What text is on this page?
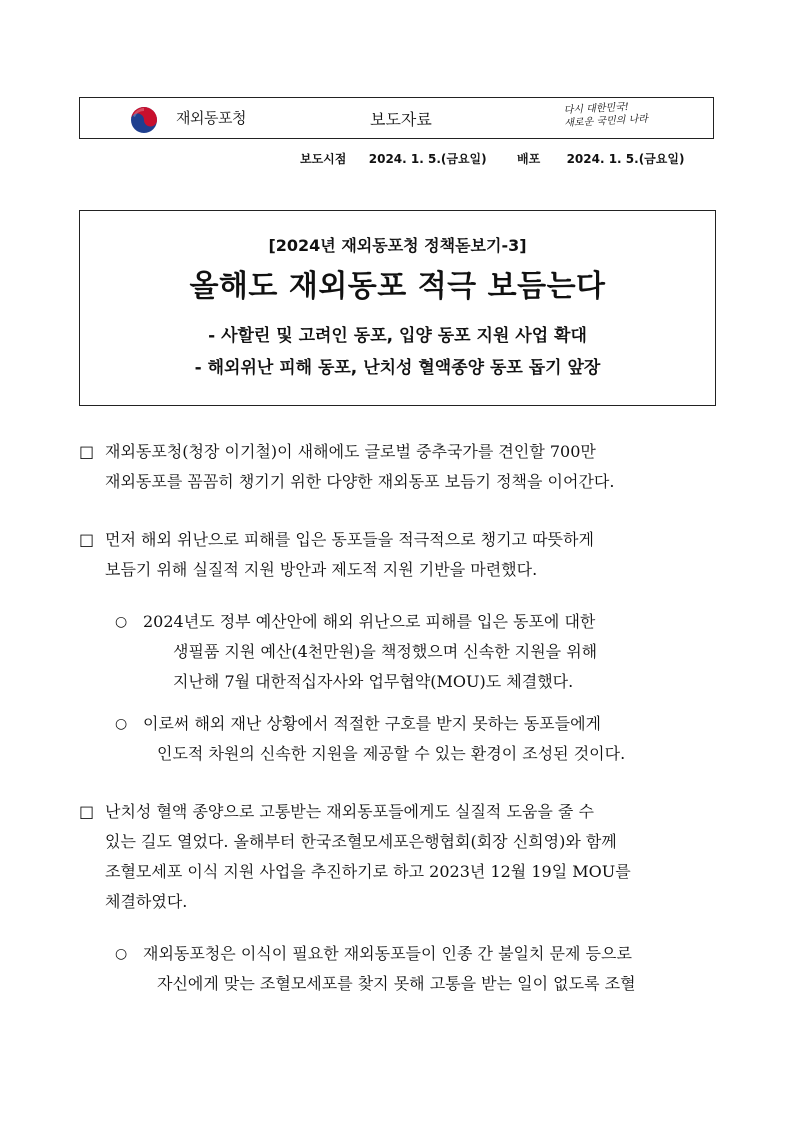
재외동포청	보도자료
다시 대한민국!
새로운 국민의 나라
보도시점 2024. 1. 5.(금요일)	배포 2024. 1. 5.(금요일)
[2024년 재외동포청 정책돋보기-3]
올해도 재외동포 적극 보듬는다
- 사할린 및 고려인 동포, 입양 동포 지원 사업 확대
- 해외위난 피해 동포, 난치성 혈액종양 동포 돕기 앞장
□ 재외동포청(청장 이기철)이 새해에도 글로벌 중추국가를 견인할 700만
재외동포를 꼼꼼히 챙기기 위한 다양한 재외동포 보듬기 정책을 이어간다.
□ 먼저 해외 위난으로 피해를 입은 동포들을 적극적으로 챙기고 따뜻하게
보듬기 위해 실질적 지원 방안과 제도적 지원 기반을 마련했다.
○ 2024년도 정부 예산안에 해외 위난으로 피해를 입은 동포에 대한
생필품 지원 예산(4천만원)을 책정했으며 신속한 지원을 위해
지난해 7월 대한적십자사와 업무협약(MOU)도 체결했다.
○ 이로써 해외 재난 상황에서 적절한 구호를 받지 못하는 동포들에게
인도적 차원의 신속한 지원을 제공할 수 있는 환경이 조성된 것이다.
□ 난치성 혈액 종양으로 고통받는 재외동포들에게도 실질적 도움을 줄 수
있는 길도 열었다. 올해부터 한국조혈모세포은행협회(회장 신희영)와 함께
조혈모세포 이식 지원 사업을 추진하기로 하고 2023년 12월 19일 MOU를
체결하였다.
○ 재외동포청은 이식이 필요한 재외동포들이 인종 간 불일치 문제 등으로
자신에게 맞는 조혈모세포를 찾지 못해 고통을 받는 일이 없도록 조혈
